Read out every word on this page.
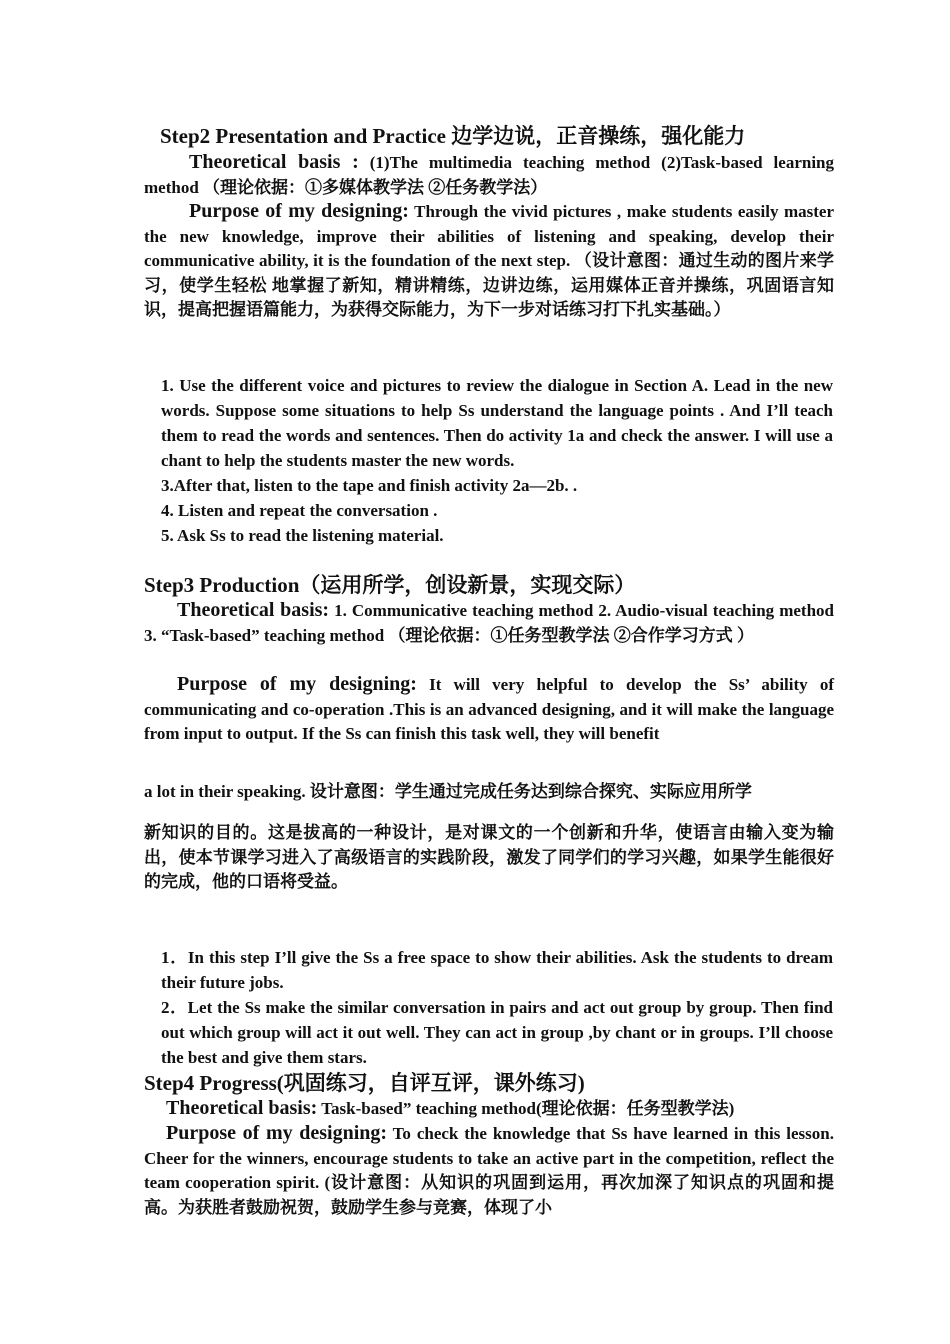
Step2 Presentation and Practice 边学边说，正音操练，强化能力
Theoretical basis : (1)The multimedia teaching method (2)Task-based learning method （理论依据：①多媒体教学法 ②任务教学法）
Purpose of my designing: Through the vivid pictures , make students easily master the new knowledge, improve their abilities of listening and speaking, develop their communicative ability, it is the foundation of the next step. （设计意图：通过生动的图片来学习，使学生轻松 地掌握了新知，精讲精练，边讲边练，运用媒体正音并操练，巩固语言知识，提高把握语篇能力，为获得交际能力，为下一步对话练习打下扎实基础。）

1. Use the different voice and pictures to review the dialogue in Section A. Lead in the new words. Suppose some situations to help Ss understand the language points . And I’ll teach them to read the words and sentences. Then do activity 1a and check the answer. I will use a chant to help the students master the new words.

3.After that, listen to the tape and finish activity 2a—2b. .

4. Listen and repeat the conversation .

5. Ask Ss to read the listening material.

Step3 Production（运用所学，创设新景，实现交际）
Theoretical basis: 1. Communicative teaching method 2. Audio-visual teaching method 3. “Task-based” teaching method （理论依据：①任务型教学法 ②合作学习方式 ）
Purpose of my designing: It will very helpful to develop the Ss’ ability of communicating and co-operation .This is an advanced designing, and it will make the language from input to output. If the Ss can finish this task well, they will benefit
a lot in their speaking. 设计意图：学生通过完成任务达到综合探究、实际应用所学
新知识的目的。这是拔高的一种设计，是对课文的一个创新和升华，使语言由输入变为输出，使本节课学习进入了高级语言的实践阶段，激发了同学们的学习兴趣，如果学生能很好的完成，他的口语将受益。

1．In this step I’ll give the Ss a free space to show their abilities. Ask the students to dream their future jobs.

2．Let the Ss make the similar conversation in pairs and act out group by group. Then find out which group will act it out well. They can act in group ,by chant or in groups. I’ll choose the best and give them stars.

Step4 Progress(巩固练习，自评互评，课外练习)
Theoretical basis: Task-based” teaching method(理论依据：任务型教学法)
Purpose of my designing: To check the knowledge that Ss have learned in this lesson. Cheer for the winners, encourage students to take an active part in the competition, reflect the team cooperation spirit. (设计意图：从知识的巩固到运用，再次加深了知识点的巩固和提高。为获胜者鼓励祝贺，鼓励学生参与竞赛，体现了小
